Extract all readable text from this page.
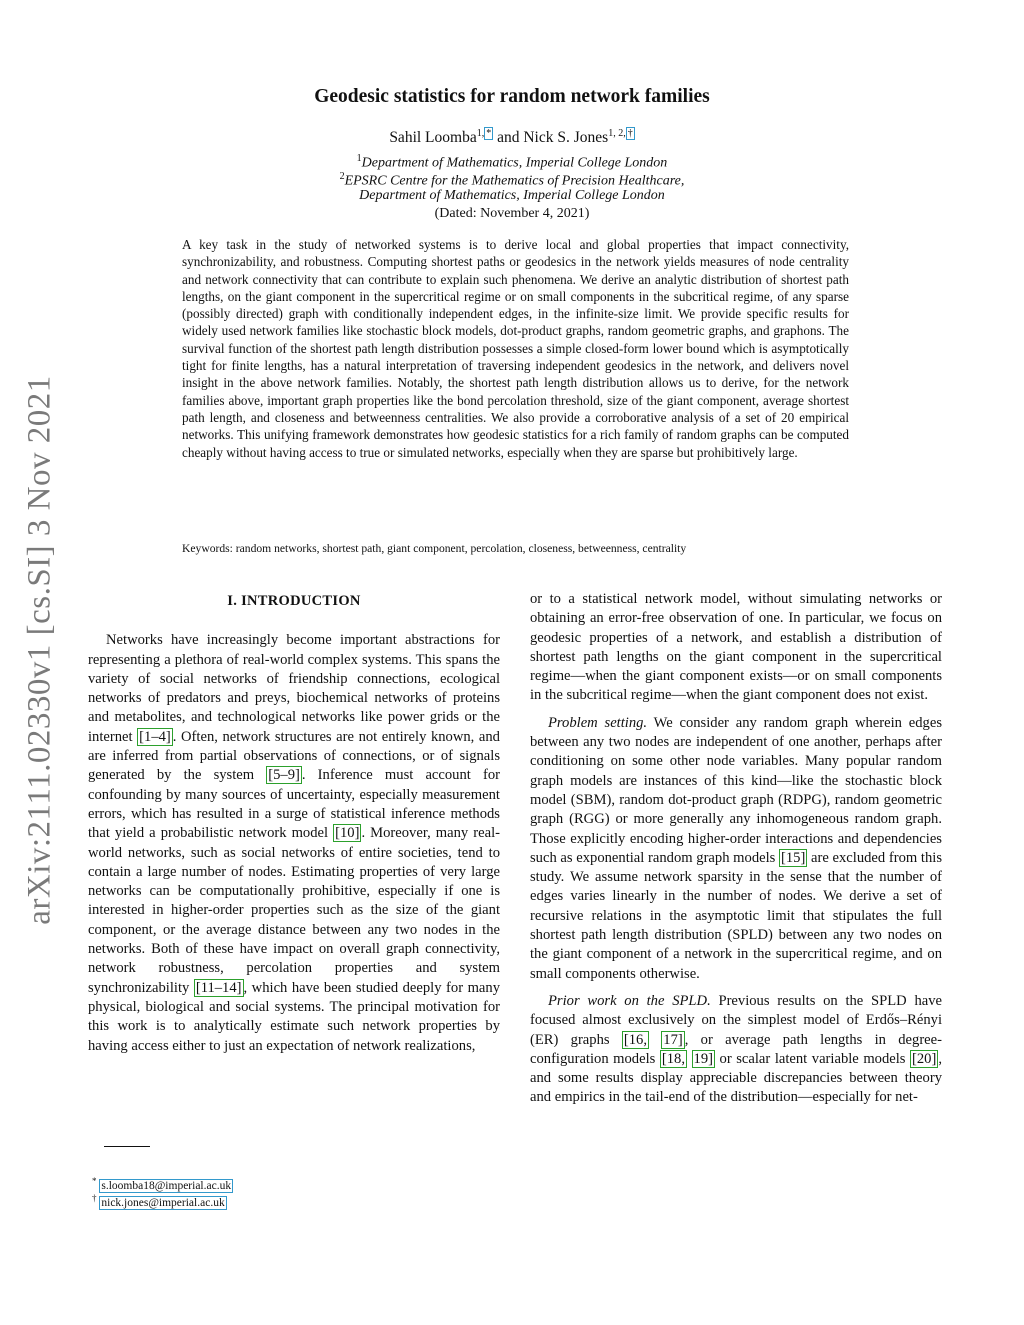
arXiv:2111.02330v1 [cs.SI] 3 Nov 2021
Geodesic statistics for random network families
Sahil Loomba$^{1,}$ * and Nick S. Jones$^{1, 2,}$ †
$^1$Department of Mathematics, Imperial College London
$^2$EPSRC Centre for the Mathematics of Precision Healthcare,
Department of Mathematics, Imperial College London
(Dated: November 4, 2021)
A key task in the study of networked systems is to derive local and global properties that impact connectivity, synchronizability, and robustness. Computing shortest paths or geodesics in the network yields measures of node centrality and network connectivity that can contribute to explain such phenomena. We derive an analytic distribution of shortest path lengths, on the giant component in the supercritical regime or on small components in the subcritical regime, of any sparse (possibly directed) graph with conditionally independent edges, in the infinite-size limit. We provide specific results for widely used network families like stochastic block models, dot-product graphs, random geometric graphs, and graphons. The survival function of the shortest path length distribution possesses a simple closed-form lower bound which is asymptotically tight for finite lengths, has a natural interpretation of traversing independent geodesics in the network, and delivers novel insight in the above network families. Notably, the shortest path length distribution allows us to derive, for the network families above, important graph properties like the bond percolation threshold, size of the giant component, average shortest path length, and closeness and betweenness centralities. We also provide a corroborative analysis of a set of 20 empirical networks. This unifying framework demonstrates how geodesic statistics for a rich family of random graphs can be computed cheaply without having access to true or simulated networks, especially when they are sparse but prohibitively large.
Keywords: random networks, shortest path, giant component, percolation, closeness, betweenness, centrality

I. INTRODUCTION

Networks have increasingly become important abstractions for representing a plethora of real-world complex systems. This spans the variety of social networks of friendship connections, ecological networks of predators and preys, biochemical networks of proteins and metabolites, and technological networks like power grids or the internet [1–4] . Often, network structures are not entirely known, and are inferred from partial observations of connections, or of signals generated by the system [5–9] . Inference must account for confounding by many sources of uncertainty, especially measurement errors, which has resulted in a surge of statistical inference methods that yield a probabilistic network model [10] . Moreover, many real-world networks, such as social networks of entire societies, tend to contain a large number of nodes. Estimating properties of very large networks can be computationally prohibitive, especially if one is interested in higher-order properties such as the size of the giant component, or the average distance between any two nodes in the networks. Both of these have impact on overall graph connectivity, network robustness, percolation properties and system synchronizability [11–14] , which have been studied deeply for many physical, biological and social systems. The principal motivation for this work is to analytically estimate such network properties by having access either to just an expectation of network realizations,

or to a statistical network model, without simulating networks or obtaining an error-free observation of one. In particular, we focus on geodesic properties of a network, and establish a distribution of shortest path lengths on the giant component in the supercritical regime—when the giant component exists—or on small components in the subcritical regime—when the giant component does not exist.

Problem setting. We consider any random graph wherein edges between any two nodes are independent of one another, perhaps after conditioning on some other node variables. Many popular random graph models are instances of this kind—like the stochastic block model (SBM), random dot-product graph (RDPG), random geometric graph (RGG) or more generally any inhomogeneous random graph. Those explicitly encoding higher-order interactions and dependencies such as exponential random graph models [15] are excluded from this study. We assume network sparsity in the sense that the number of edges varies linearly in the number of nodes. We derive a set of recursive relations in the asymptotic limit that stipulates the full shortest path length distribution (SPLD) between any two nodes on the giant component of a network in the supercritical regime, and on small components otherwise.

Prior work on the SPLD. Previous results on the SPLD have focused almost exclusively on the simplest model of Erdős–Rényi (ER) graphs [16, 17] , or average path lengths in degree-configuration models [18, 19] or scalar latent variable models [20] , and some results display appreciable discrepancies between theory and empirics in the tail-end of the distribution—especially for net-

* s.loomba18@imperial.ac.uk
† nick.jones@imperial.ac.uk
